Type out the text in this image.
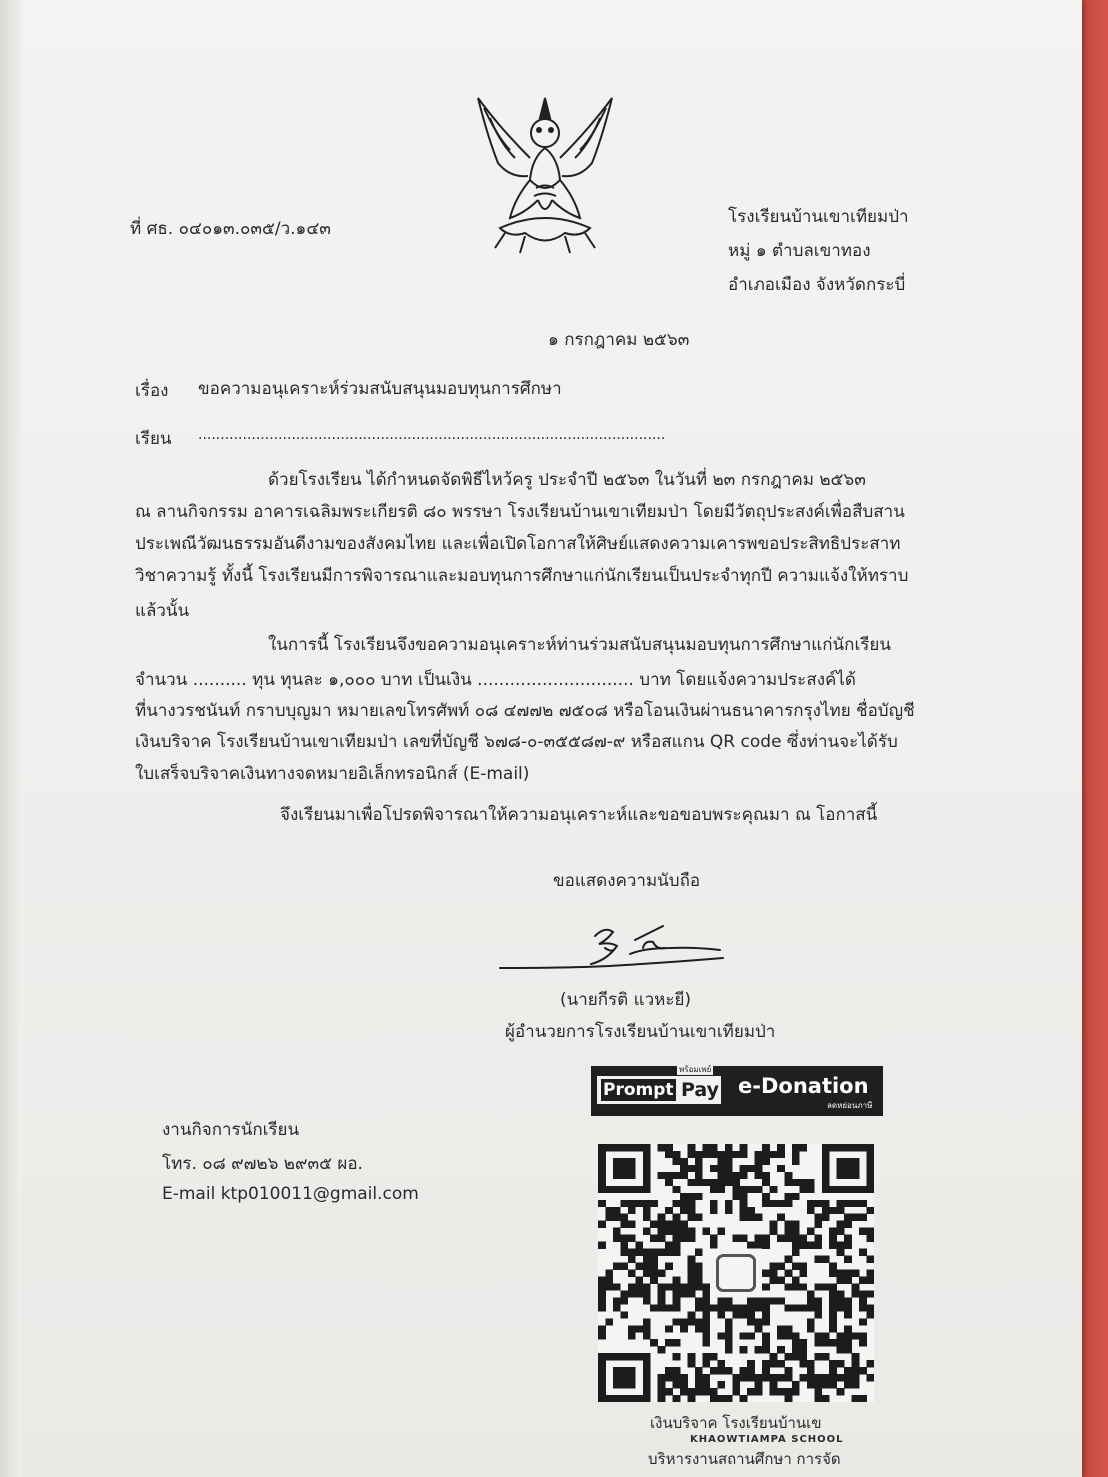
ที่ ศธ. ๐๔๐๑๓.๐๓๕/ว.๑๔๓
โรงเรียนบ้านเขาเทียมป่า
หมู่ ๑ ตำบลเขาทอง
อำเภอเมือง จังหวัดกระบี่
๑ กรกฎาคม ๒๕๖๓
เรื่อง ขอความอนุเคราะห์ร่วมสนับสนุนมอบทุนการศึกษา
เรียน .........................................................................................................
ด้วยโรงเรียน ได้กำหนดจัดพิธีไหว้ครู ประจำปี ๒๕๖๓ ในวันที่ ๒๓ กรกฎาคม ๒๕๖๓
ณ ลานกิจกรรม อาคารเฉลิมพระเกียรติ ๘๐ พรรษา โรงเรียนบ้านเขาเทียมป่า โดยมีวัตถุประสงค์เพื่อสืบสาน
ประเพณีวัฒนธรรมอันดีงามของสังคมไทย และเพื่อเปิดโอกาสให้ศิษย์แสดงความเคารพขอประสิทธิประสาท
วิชาความรู้ ทั้งนี้ โรงเรียนมีการพิจารณาและมอบทุนการศึกษาแก่นักเรียนเป็นประจำทุกปี ความแจ้งให้ทราบ
แล้วนั้น
ในการนี้ โรงเรียนจึงขอความอนุเคราะห์ท่านร่วมสนับสนุนมอบทุนการศึกษาแก่นักเรียน
จำนวน .......... ทุน ทุนละ ๑,๐๐๐ บาท เป็นเงิน ............................. บาท โดยแจ้งความประสงค์ได้
ที่นางวรชนันท์ กราบบุญมา หมายเลขโทรศัพท์ ๐๘ ๔๗๗๒ ๗๕๐๘ หรือโอนเงินผ่านธนาคารกรุงไทย ชื่อบัญชี
เงินบริจาค โรงเรียนบ้านเขาเทียมป่า เลขที่บัญชี ๖๗๘-๐-๓๕๕๘๗-๙ หรือสแกน QR code ซึ่งท่านจะได้รับ
ใบเสร็จบริจาคเงินทางจดหมายอิเล็กทรอนิกส์ (E-mail)
จึงเรียนมาเพื่อโปรดพิจารณาให้ความอนุเคราะห์และขอขอบพระคุณมา ณ โอกาสนี้
ขอแสดงความนับถือ
(นายกีรติ แวหะยี)
ผู้อำนวยการโรงเรียนบ้านเขาเทียมป่า
งานกิจการนักเรียน
โทร. ๐๘ ๙๗๒๖ ๒๙๓๕ ผอ.
E-mail ktp010011@gmail.com
Prompt Pay
พร้อมเพย์
e-Donation
ลดหย่อนภาษี
เงินบริจาค โรงเรียนบ้านเข
KHAOWTIAMPA SCHOOL
บริหารงานสถานศึกษา การจัด
